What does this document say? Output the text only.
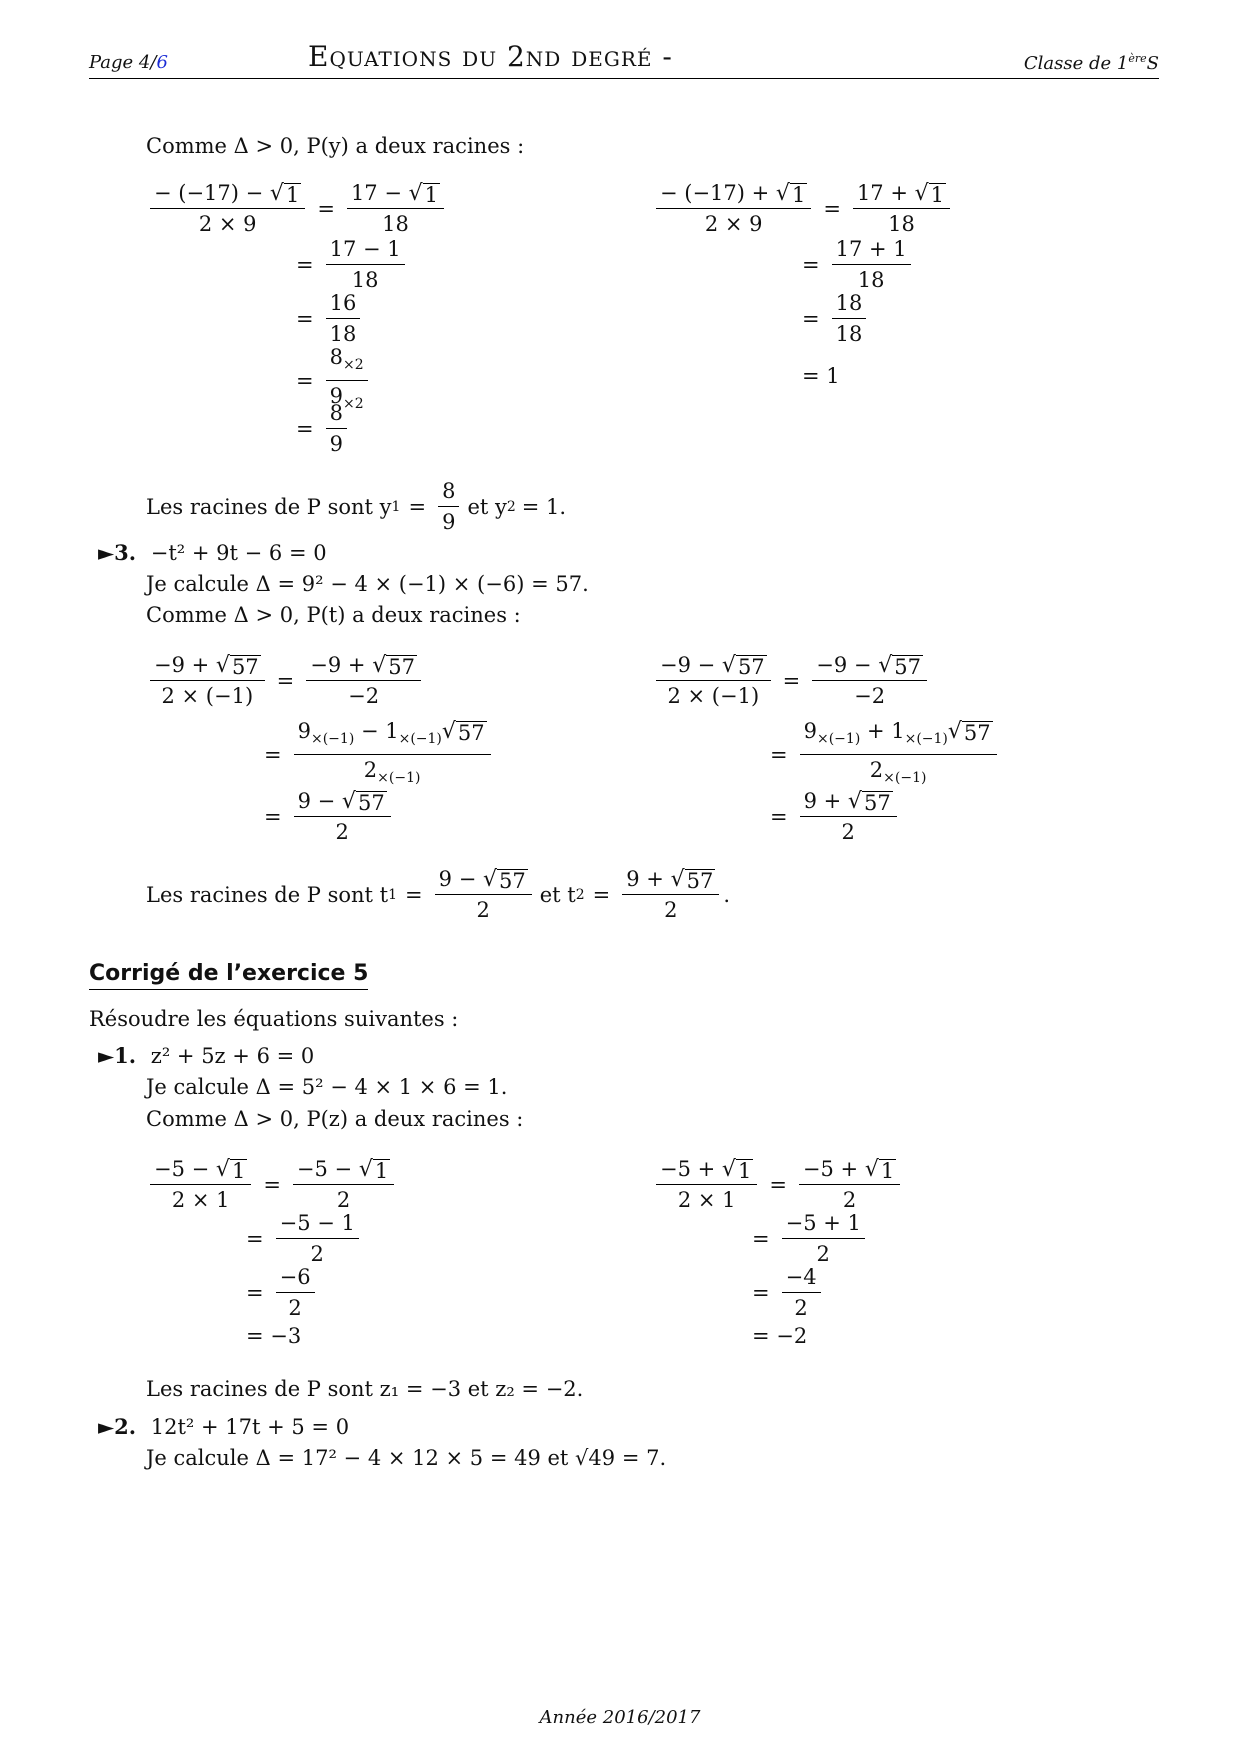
Page 4/6	Equations du 2nd degré -	Classe de 1èreS
Comme Δ > 0, P(y) a deux racines :
$\frac{- (-17) - √ 1}{2 \times 9} = \frac{17 - √ 1}{18}$
= $\frac{17 - 1}{18}$
= $\frac{16}{18}$
= $\frac{8_{\times 2}}{9_{\times 2}}$
= $\frac{8}{9}$
$\frac{- (-17) + √ 1}{2 \times 9} = \frac{17 + √ 1}{18}$
= $\frac{17 + 1}{18}$
= $\frac{18}{18}$
= 1
Les racines de P sont y $1 = \frac{8}{9}$ et y 2 = 1.
►3. −t² + 9t − 6 = 0
Je calcule Δ = 9² − 4 × (−1) × (−6) = 57.
Comme Δ > 0, P(t) a deux racines :
$\frac{-9 + √ 57}{2 \times (-1)} = \frac{-9 + √ 57}{-2}$
= $\frac{9_{\times(-1)} - 1_{\times(-1)} √ 57}{2_{\times(-1)}}$
= $\frac{9 - √ 57}{2}$
$\frac{-9 - √ 57}{2 \times (-1)} = \frac{-9 - √ 57}{-2}$
= $\frac{9_{\times(-1)} + 1_{\times(-1)} √ 57}{2_{\times(-1)}}$
= $\frac{9 + √ 57}{2}$
Les racines de P sont t $1 = \frac{9 - √ 57}{2}$ et t $2 = \frac{9 + √ 57}{2}$ .
Corrigé de l’exercice 5
Résoudre les équations suivantes :
►1. z² + 5z + 6 = 0
Je calcule Δ = 5² − 4 × 1 × 6 = 1.
Comme Δ > 0, P(z) a deux racines :
$\frac{-5 - √ 1}{2 \times 1} = \frac{-5 - √ 1}{2}$
= $\frac{-5 - 1}{2}$
= $\frac{-6}{2}$
= −3
$\frac{-5 + √ 1}{2 \times 1} = \frac{-5 + √ 1}{2}$
= $\frac{-5 + 1}{2}$
= $\frac{-4}{2}$
= −2
Les racines de P sont z₁ = −3 et z₂ = −2.
►2. 12t² + 17t + 5 = 0
Je calcule Δ = 17² − 4 × 12 × 5 = 49 et √49 = 7.
Année 2016/2017
